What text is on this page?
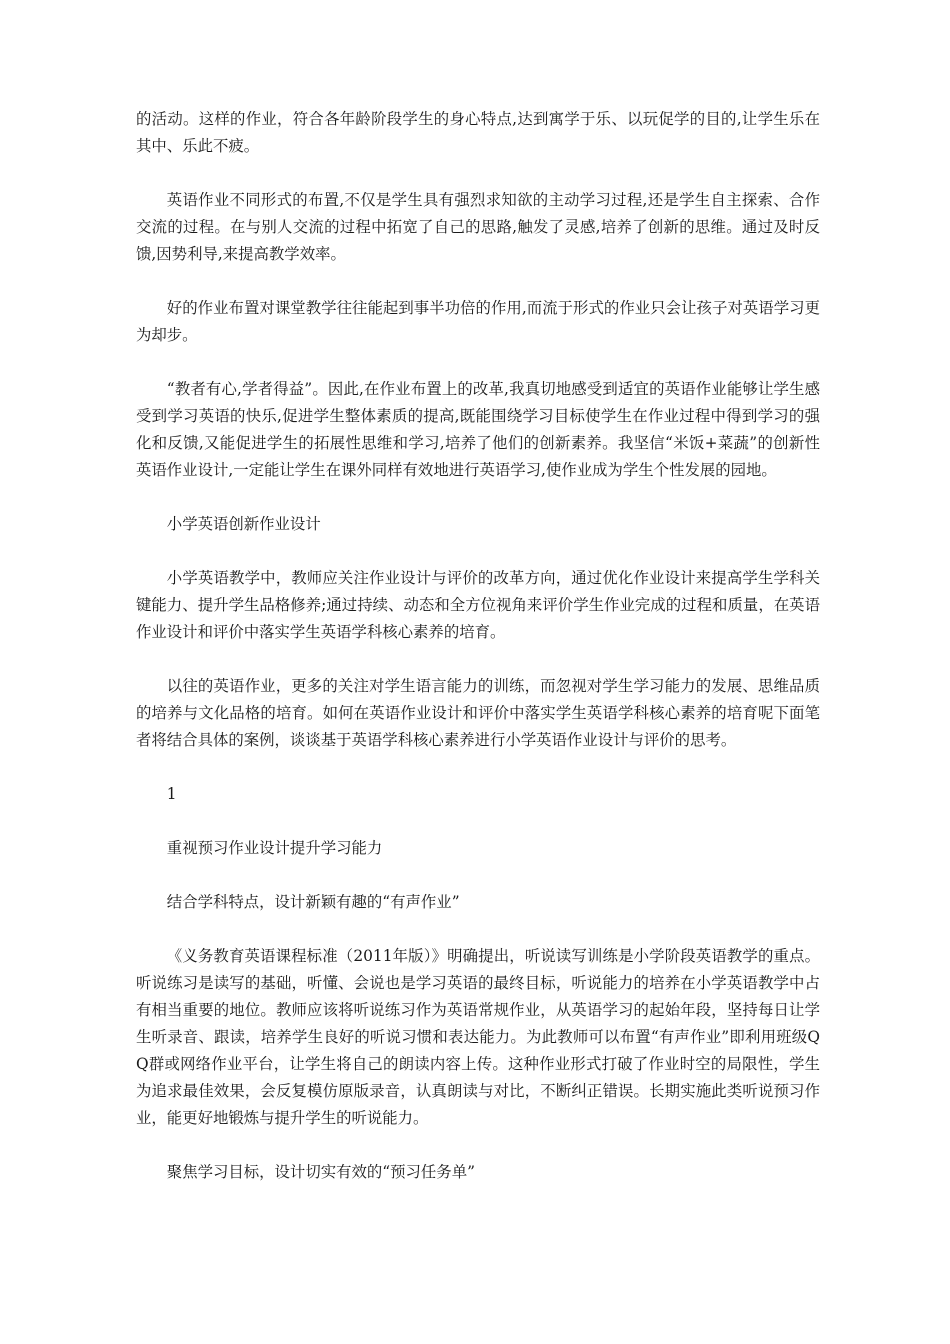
的活动。这样的作业，符合各年龄阶段学生的身心特点,达到寓学于乐、以玩促学的目的,让学生乐在其中、乐此不疲。

英语作业不同形式的布置,不仅是学生具有强烈求知欲的主动学习过程,还是学生自主探索、合作交流的过程。在与别人交流的过程中拓宽了自己的思路,触发了灵感,培养了创新的思维。通过及时反馈,因势利导,来提高教学效率。

好的作业布置对课堂教学往往能起到事半功倍的作用,而流于形式的作业只会让孩子对英语学习更为却步。

“教者有心,学者得益”。因此,在作业布置上的改革,我真切地感受到适宜的英语作业能够让学生感受到学习英语的快乐,促进学生整体素质的提高,既能围绕学习目标使学生在作业过程中得到学习的强化和反馈,又能促进学生的拓展性思维和学习,培养了他们的创新素养。我坚信“米饭+菜蔬”的创新性英语作业设计,一定能让学生在课外同样有效地进行英语学习,使作业成为学生个性发展的园地。

小学英语创新作业设计

小学英语教学中，教师应关注作业设计与评价的改革方向，通过优化作业设计来提高学生学科关键能力、提升学生品格修养;通过持续、动态和全方位视角来评价学生作业完成的过程和质量，在英语作业设计和评价中落实学生英语学科核心素养的培育。

以往的英语作业，更多的关注对学生语言能力的训练，而忽视对学生学习能力的发展、思维品质的培养与文化品格的培育。如何在英语作业设计和评价中落实学生英语学科核心素养的培育呢下面笔者将结合具体的案例，谈谈基于英语学科核心素养进行小学英语作业设计与评价的思考。

1

重视预习作业设计提升学习能力

结合学科特点，设计新颖有趣的“有声作业”

《义务教育英语课程标准（2011年版）》明确提出，听说读写训练是小学阶段英语教学的重点。听说练习是读写的基础，听懂、会说也是学习英语的最终目标，听说能力的培养在小学英语教学中占有相当重要的地位。教师应该将听说练习作为英语常规作业，从英语学习的起始年段，坚持每日让学生听录音、跟读，培养学生良好的听说习惯和表达能力。为此教师可以布置“有声作业”即利用班级QQ群或网络作业平台，让学生将自己的朗读内容上传。这种作业形式打破了作业时空的局限性，学生为追求最佳效果，会反复模仿原版录音，认真朗读与对比，不断纠正错误。长期实施此类听说预习作业，能更好地锻炼与提升学生的听说能力。

聚焦学习目标，设计切实有效的“预习任务单”
